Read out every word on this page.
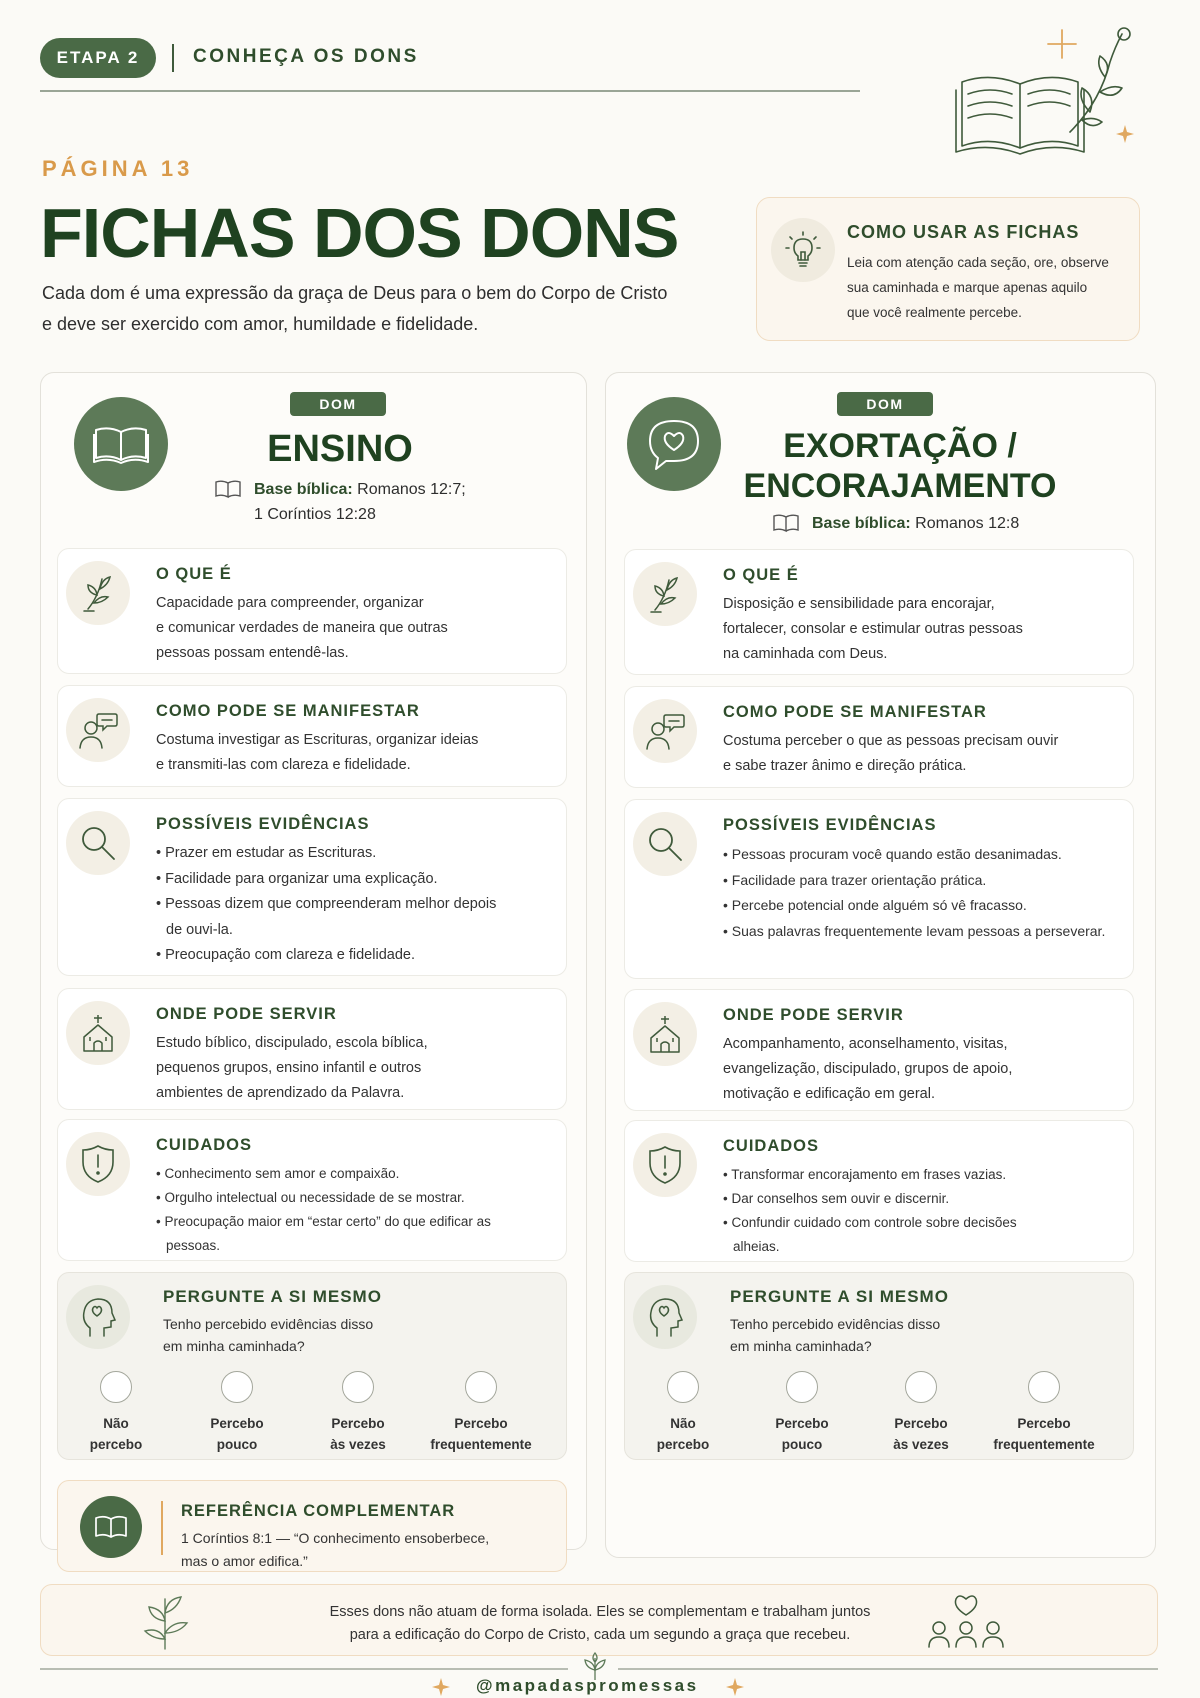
ETAPA 2	CONHEÇA OS DONS
PÁGINA 13
FICHAS DOS DONS
Cada dom é uma expressão da graça de Deus para o bem do Corpo de Cristo
e deve ser exercido com amor, humildade e fidelidade.
COMO USAR AS FICHAS
Leia com atenção cada seção, ore, observe
sua caminhada e marque apenas aquilo
que você realmente percebe.
DOM
ENSINO
Base bíblica: Romanos 12:7;
1 Coríntios 12:28
O QUE É
Capacidade para compreender, organizar
e comunicar verdades de maneira que outras
pessoas possam entendê-las.
COMO PODE SE MANIFESTAR
Costuma investigar as Escrituras, organizar ideias
e transmiti-las com clareza e fidelidade.
POSSÍVEIS EVIDÊNCIAS
• Prazer em estudar as Escrituras.
• Facilidade para organizar uma explicação.
• Pessoas dizem que compreenderam melhor depois de ouvi-la.
• Preocupação com clareza e fidelidade.
ONDE PODE SERVIR
Estudo bíblico, discipulado, escola bíblica,
pequenos grupos, ensino infantil e outros
ambientes de aprendizado da Palavra.
CUIDADOS
• Conhecimento sem amor e compaixão.
• Orgulho intelectual ou necessidade de se mostrar.
• Preocupação maior em “estar certo” do que edificar as pessoas.
PERGUNTE A SI MESMO
Tenho percebido evidências disso
em minha caminhada?
Não
percebo
Percebo
pouco
Percebo
às vezes
Percebo
frequentemente
REFERÊNCIA COMPLEMENTAR
1 Coríntios 8:1 — “O conhecimento ensoberbece,
mas o amor edifica.”
DOM
EXORTAÇÃO /
ENCORAJAMENTO
Base bíblica: Romanos 12:8
O QUE É
Disposição e sensibilidade para encorajar,
fortalecer, consolar e estimular outras pessoas
na caminhada com Deus.
COMO PODE SE MANIFESTAR
Costuma perceber o que as pessoas precisam ouvir
e sabe trazer ânimo e direção prática.
POSSÍVEIS EVIDÊNCIAS
• Pessoas procuram você quando estão desanimadas.
• Facilidade para trazer orientação prática.
• Percebe potencial onde alguém só vê fracasso.
• Suas palavras frequentemente levam pessoas a perseverar.
ONDE PODE SERVIR
Acompanhamento, aconselhamento, visitas,
evangelização, discipulado, grupos de apoio,
motivação e edificação em geral.
CUIDADOS
• Transformar encorajamento em frases vazias.
• Dar conselhos sem ouvir e discernir.
• Confundir cuidado com controle sobre decisões alheias.
PERGUNTE A SI MESMO
Tenho percebido evidências disso
em minha caminhada?
Não
percebo
Percebo
pouco
Percebo
às vezes
Percebo
frequentemente
Esses dons não atuam de forma isolada. Eles se complementam e trabalham juntos
para a edificação do Corpo de Cristo, cada um segundo a graça que recebeu.
@mapadaspromessas
